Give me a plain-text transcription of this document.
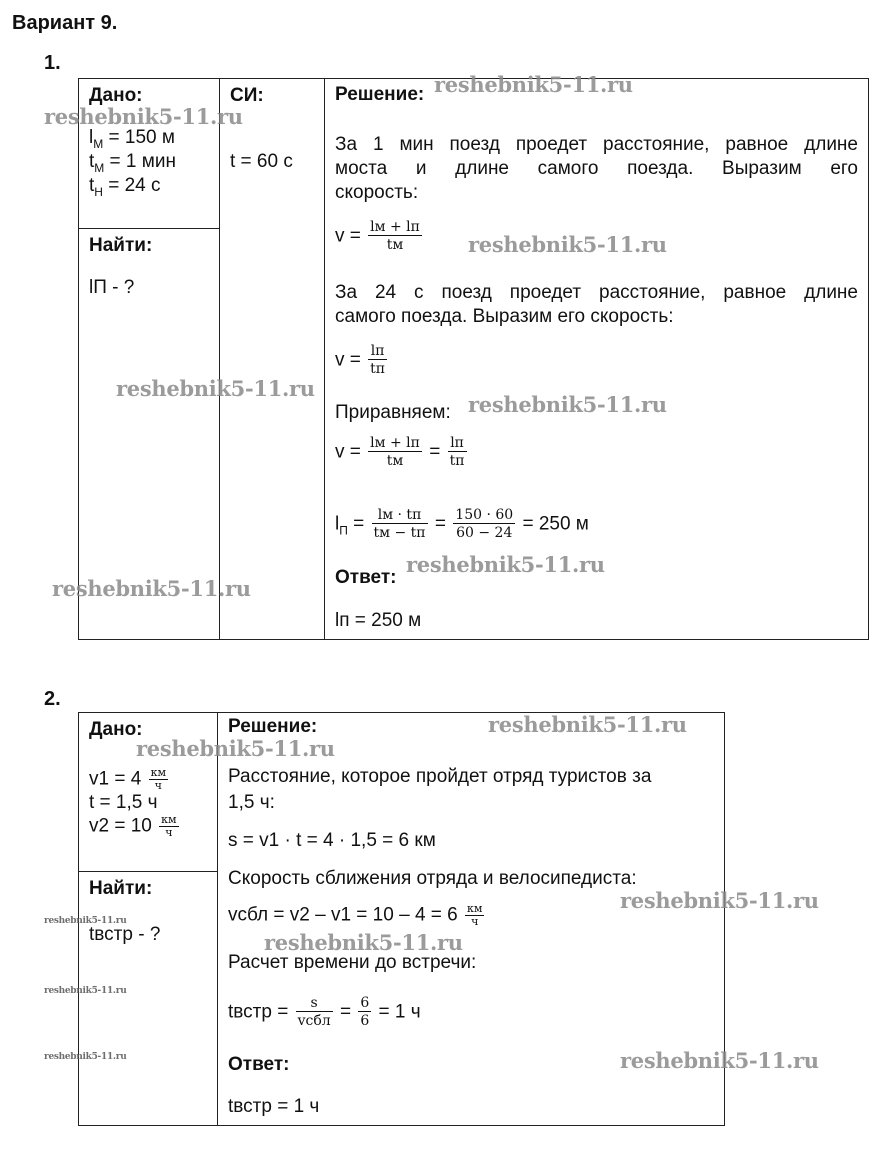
Вариант 9.
1.
Дано:
$l_М = 150$ м
$t_М = 1$ мин
$t_Н = 24$ с

СИ:
t = 60 с

Решение:
За 1 мин поезд проедет расстояние, равное длине
моста и длине самого поезда. Выразим его
скорость:
$v = \frac{lм + lп}{tм}$
За 24 с поезд проедет расстояние, равное длине
самого поезда. Выразим его скорость:
$v = \frac{lп}{tп}$
Приравняем:
$v = \frac{lм + lп}{tм} = \frac{lп}{tп}$
$l_П = \frac{lм \cdot tп}{tм - tп} = \frac{150 \cdot 60}{60 - 24} = 250$ м
Ответ:
lп = 250 м

Найти:
lП - ?
2.
Дано:
$v1 = 4 \frac{км}{ч}$
t = 1,5 ч
$v2 = 10 \frac{км}{ч}$

Решение:
Расстояние, которое пройдет отряд туристов за
1,5 ч:
s = v1 · t = 4 · 1,5 = 6 км
Скорость сближения отряда и велосипедиста:
vсбл = $v2 - v1 = 10 - 4 = 6 \frac{км}{ч}$
Расчет времени до встречи:
tвстр = $\frac{s}{\text{vсбл}} = \frac{6}{6} = 1$ ч
Ответ:
tвстр = 1 ч

Найти:
tвстр - ?
reshebnik5-11.ru
reshebnik5-11.ru
reshebnik5-11.ru
reshebnik5-11.ru
reshebnik5-11.ru
reshebnik5-11.ru
reshebnik5-11.ru
reshebnik5-11.ru
reshebnik5-11.ru
reshebnik5-11.ru
reshebnik5-11.ru
reshebnik5-11.ru
reshebnik5-11.ru
reshebnik5-11.ru
reshebnik5-11.ru
